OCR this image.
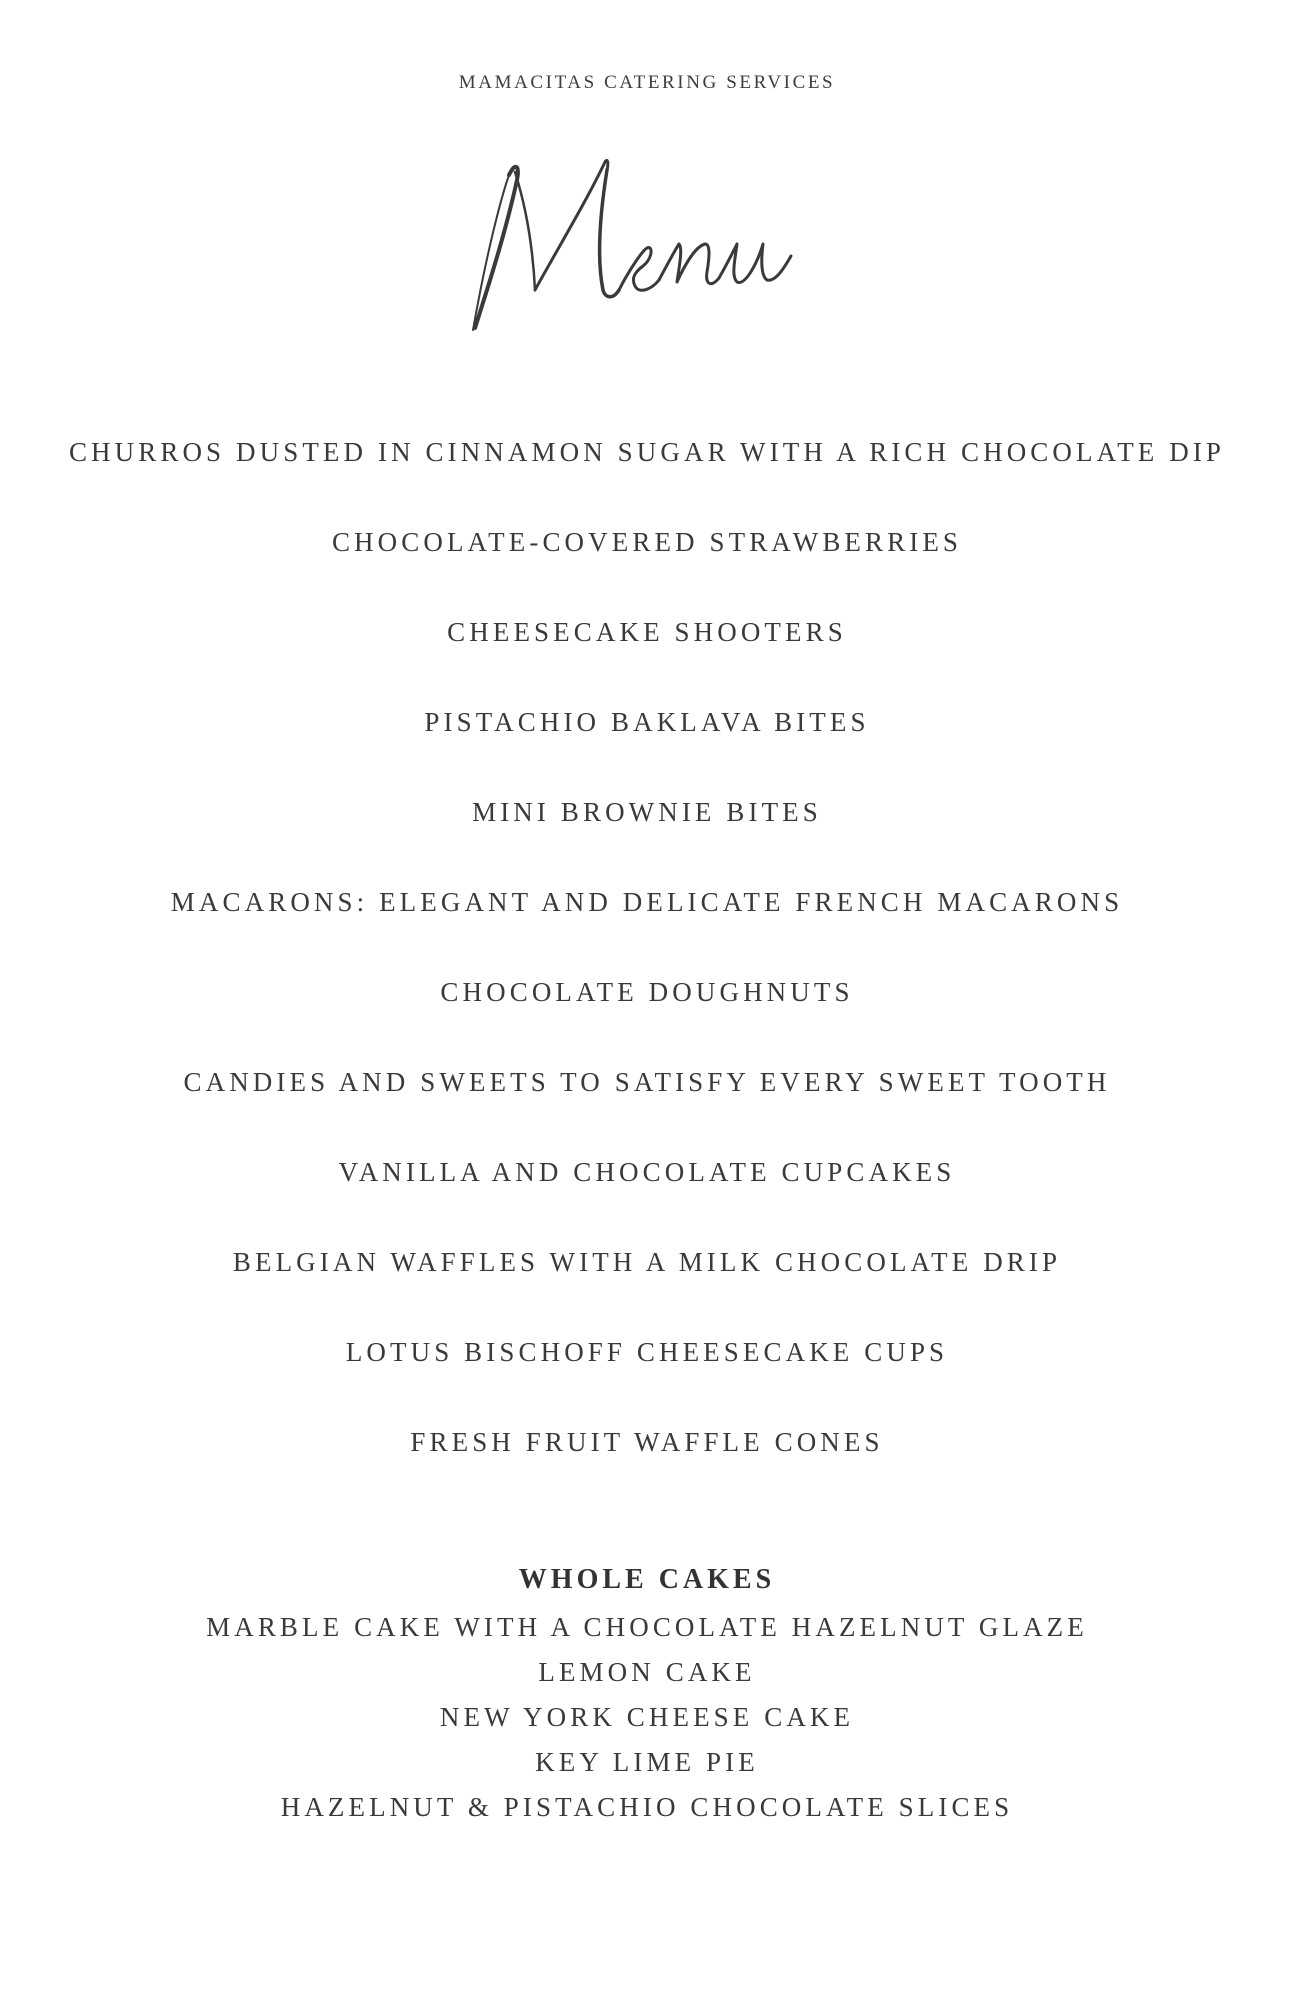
MAMACITAS CATERING SERVICES
CHURROS DUSTED IN CINNAMON SUGAR WITH A RICH CHOCOLATE DIP
CHOCOLATE-COVERED STRAWBERRIES
CHEESECAKE SHOOTERS
PISTACHIO BAKLAVA BITES
MINI BROWNIE BITES
MACARONS: ELEGANT AND DELICATE FRENCH MACARONS
CHOCOLATE DOUGHNUTS
CANDIES AND SWEETS TO SATISFY EVERY SWEET TOOTH
VANILLA AND CHOCOLATE CUPCAKES
BELGIAN WAFFLES WITH A MILK CHOCOLATE DRIP
LOTUS BISCHOFF CHEESECAKE CUPS
FRESH FRUIT WAFFLE CONES
WHOLE CAKES
MARBLE CAKE WITH A CHOCOLATE HAZELNUT GLAZE
LEMON CAKE
NEW YORK CHEESE CAKE
KEY LIME PIE
HAZELNUT & PISTACHIO CHOCOLATE SLICES
